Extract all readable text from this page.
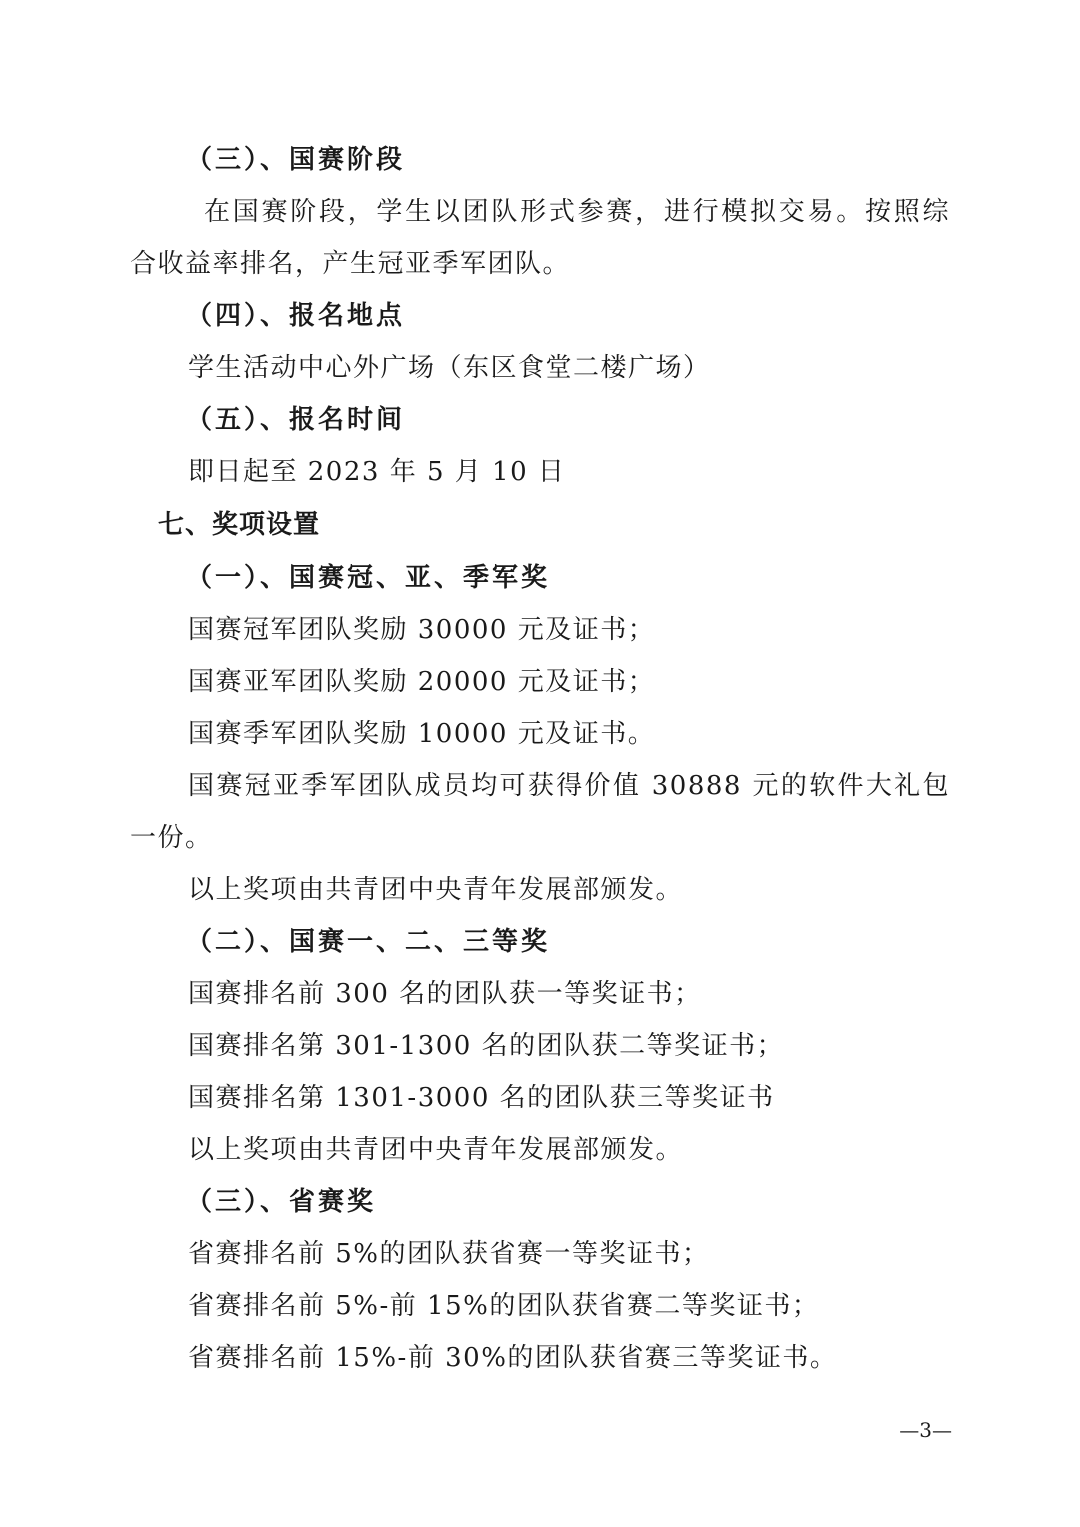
（三）、国赛阶段
在国赛阶段，学生以团队形式参赛，进行模拟交易。按照综
合收益率排名，产生冠亚季军团队。
（四）、报名地点
学生活动中心外广场（东区食堂二楼广场）
（五）、报名时间
即日起至 2023 年 5 月 10 日
七、奖项设置
（一）、国赛冠、亚、季军奖
国赛冠军团队奖励 30000 元及证书；
国赛亚军团队奖励 20000 元及证书；
国赛季军团队奖励 10000 元及证书。
国赛冠亚季军团队成员均可获得价值 30888 元的软件大礼包
一份。
以上奖项由共青团中央青年发展部颁发。
（二）、国赛一、二、三等奖
国赛排名前 300 名的团队获一等奖证书；
国赛排名第 301-1300 名的团队获二等奖证书；
国赛排名第 1301-3000 名的团队获三等奖证书
以上奖项由共青团中央青年发展部颁发。
（三）、省赛奖
省赛排名前 5%的团队获省赛一等奖证书；
省赛排名前 5%-前 15%的团队获省赛二等奖证书；
省赛排名前 15%-前 30%的团队获省赛三等奖证书。
—3—
